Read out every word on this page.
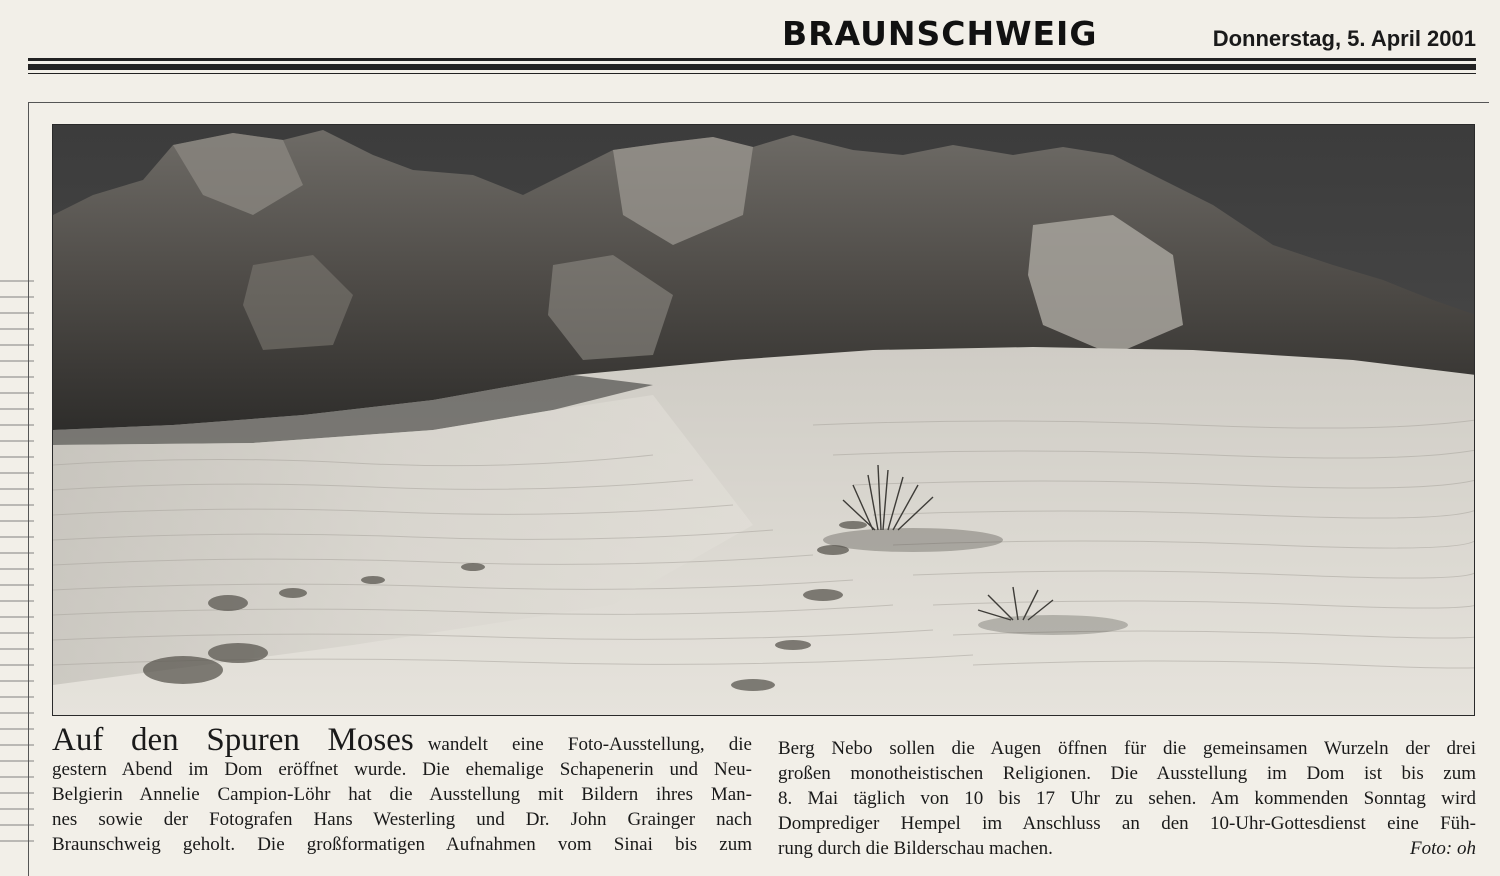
BRAUNSCHWEIG	Donnerstag, 5. April 2001
Auf den Spuren Moses wandelt eine Foto-Ausstellung, die
gestern Abend im Dom eröffnet wurde. Die ehemalige Schapenerin und Neu-
Belgierin Annelie Campion-Löhr hat die Ausstellung mit Bildern ihres Man-
nes sowie der Fotografen Hans Westerling und Dr. John Grainger nach
Braunschweig geholt. Die großformatigen Aufnahmen vom Sinai bis zum
Berg Nebo sollen die Augen öffnen für die gemeinsamen Wurzeln der drei
großen monotheistischen Religionen. Die Ausstellung im Dom ist bis zum
8. Mai täglich von 10 bis 17 Uhr zu sehen. Am kommenden Sonntag wird
Domprediger Hempel im Anschluss an den 10-Uhr-Gottesdienst eine Füh-
rung durch die Bilderschau machen.	Foto: oh
